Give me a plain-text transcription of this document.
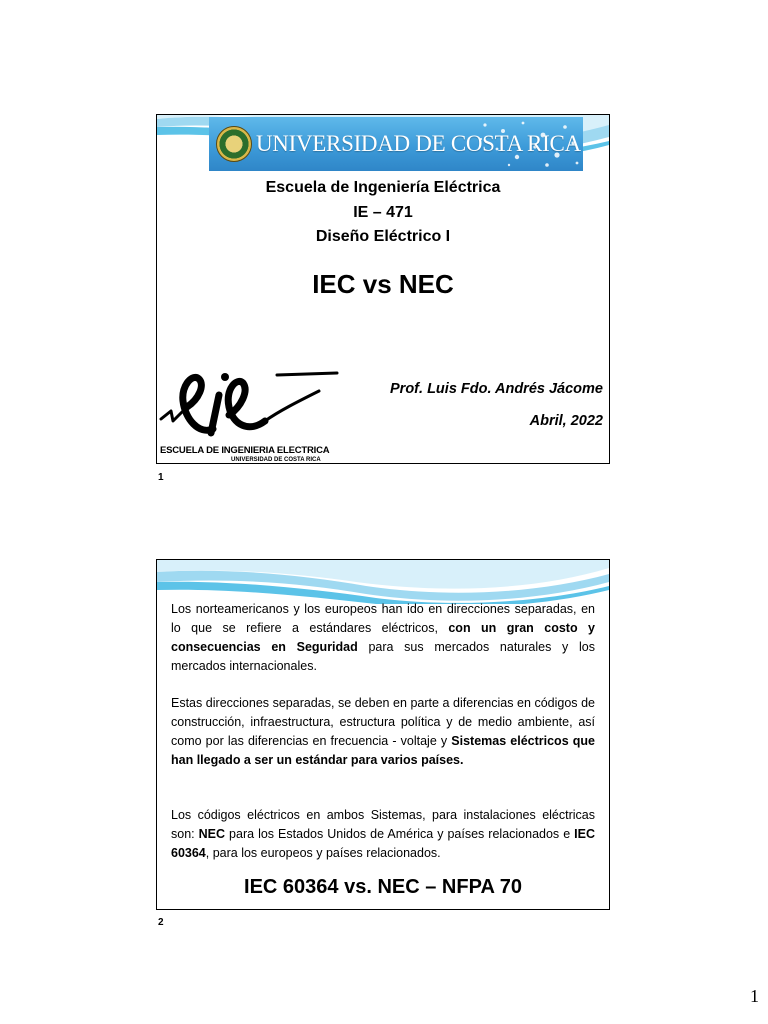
UNIVERSIDAD DE COSTA RICA
Escuela de Ingeniería Eléctrica
IE – 471
Diseño Eléctrico I
IEC vs NEC
ESCUELA DE INGENIERIA ELECTRICA
UNIVERSIDAD DE COSTA RICA
Prof. Luis Fdo. Andrés Jácome
Abril, 2022
1

Los norteamericanos y los europeos han ido en direcciones separadas, en lo que se refiere a estándares eléctricos, con un gran costo y consecuencias en Seguridad para sus mercados naturales y los mercados internacionales.

Estas direcciones separadas, se deben en parte a diferencias en códigos de construcción, infraestructura, estructura política y de medio ambiente, así como por las diferencias en frecuencia - voltaje y Sistemas eléctricos que han llegado a ser un estándar para varios países.

Los códigos eléctricos en ambos Sistemas, para instalaciones eléctricas son: NEC para los Estados Unidos de América y países relacionados e IEC 60364, para los europeos y países relacionados.

IEC 60364 vs. NEC – NFPA 70
2
1
